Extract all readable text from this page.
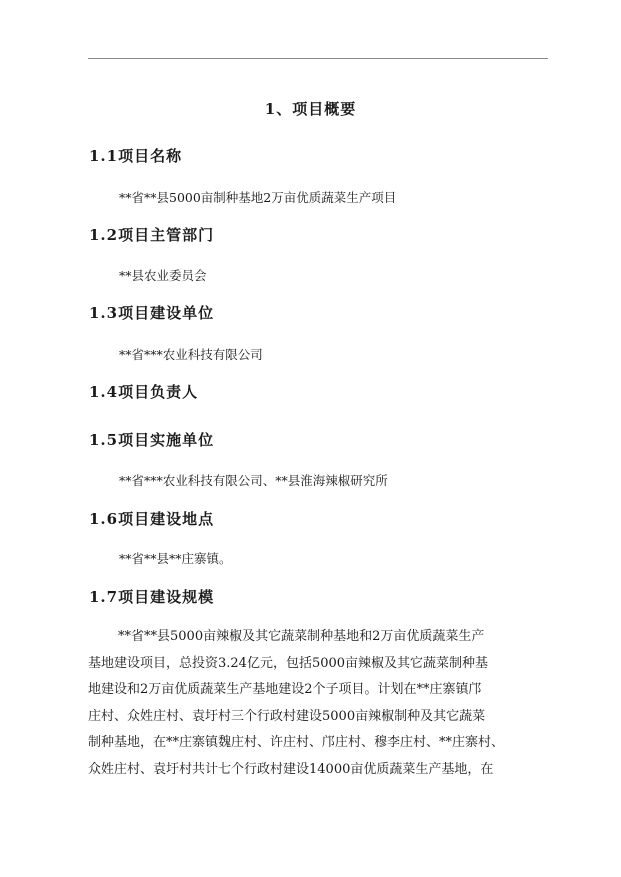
1、项目概要
1.1项目名称
**省**县5000亩制种基地2万亩优质蔬菜生产项目
1.2项目主管部门
**县农业委员会
1.3项目建设单位
**省***农业科技有限公司
1.4项目负责人
1.5项目实施单位
**省***农业科技有限公司、**县淮海辣椒研究所
1.6项目建设地点
**省**县**庄寨镇。
1.7项目建设规模
**省**县5000亩辣椒及其它蔬菜制种基地和2万亩优质蔬菜生产
基地建设项目，总投资3.24亿元，包括5000亩辣椒及其它蔬菜制种基
地建设和2万亩优质蔬菜生产基地建设2个子项目。计划在**庄寨镇邝
庄村、众姓庄村、袁圩村三个行政村建设5000亩辣椒制种及其它蔬菜
制种基地，在**庄寨镇魏庄村、许庄村、邝庄村、穆李庄村、**庄寨村、
众姓庄村、袁圩村共计七个行政村建设14000亩优质蔬菜生产基地，在
